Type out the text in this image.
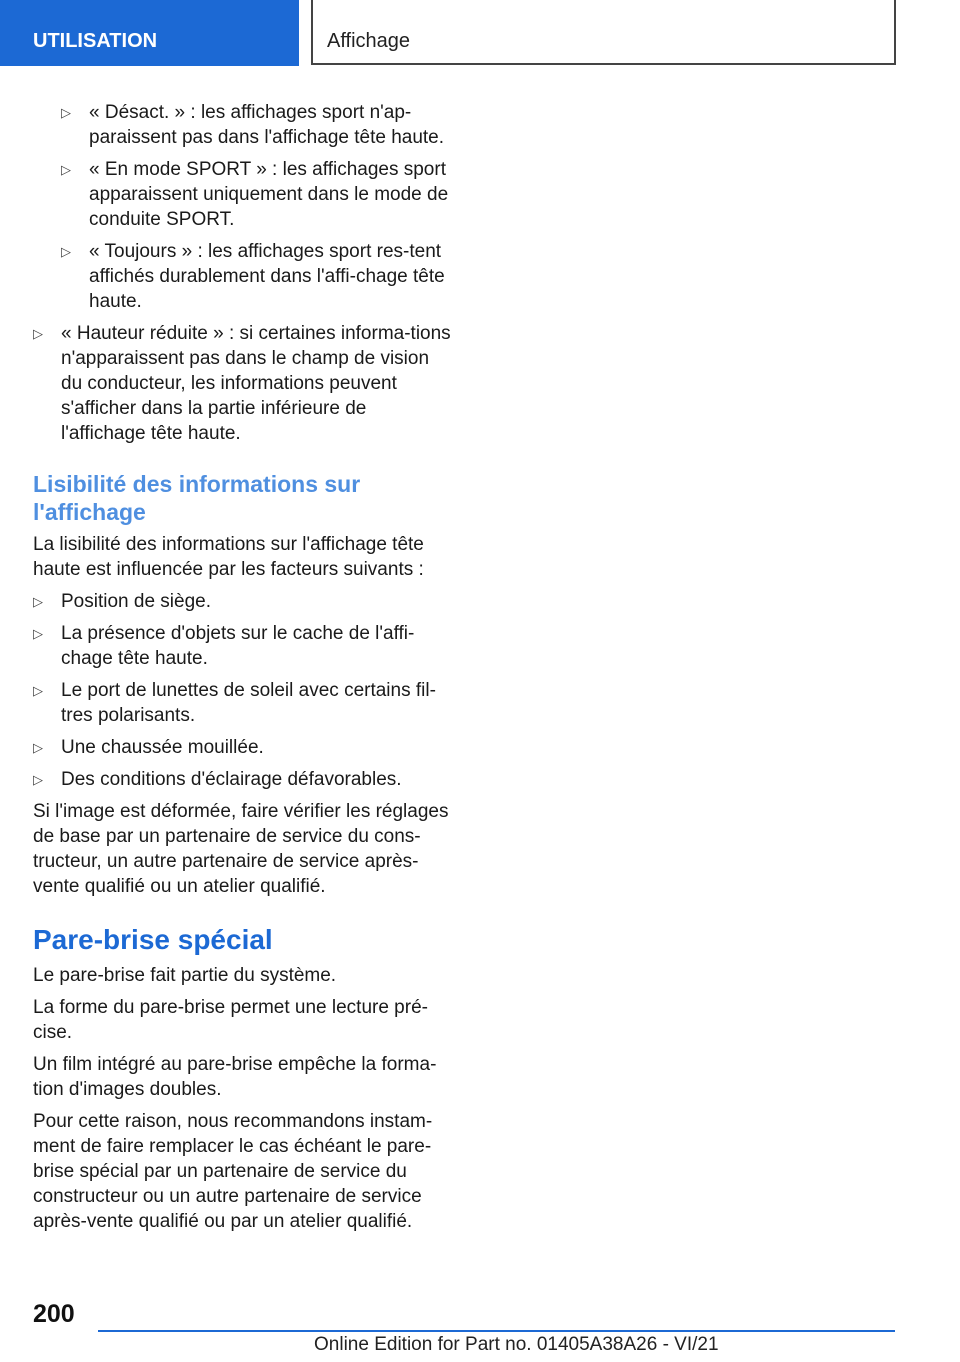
UTILISATION	Affichage
▷ « Désact. » : les affichages sport n'ap-paraissent pas dans l'affichage tête haute.
▷ « En mode SPORT » : les affichages sport apparaissent uniquement dans le mode de conduite SPORT.
▷ « Toujours » : les affichages sport res-tent affichés durablement dans l'affi-chage tête haute.
▷ « Hauteur réduite » : si certaines informa-tions n'apparaissent pas dans le champ de vision du conducteur, les informations peuvent s'afficher dans la partie inférieure de l'affichage tête haute.
Lisibilité des informations sur l'affichage

La lisibilité des informations sur l'affichage tête haute est influencée par les facteurs suivants :

▷ Position de siège.
▷ La présence d'objets sur le cache de l'affi-chage tête haute.
▷ Le port de lunettes de soleil avec certains fil-tres polarisants.
▷ Une chaussée mouillée.
▷ Des conditions d'éclairage défavorables.

Si l'image est déformée, faire vérifier les réglages de base par un partenaire de service du cons-tructeur, un autre partenaire de service après-vente qualifié ou un atelier qualifié.

Pare-brise spécial

Le pare-brise fait partie du système.

La forme du pare-brise permet une lecture pré-cise.

Un film intégré au pare-brise empêche la forma-tion d'images doubles.

Pour cette raison, nous recommandons instam-ment de faire remplacer le cas échéant le pare-brise spécial par un partenaire de service du constructeur ou un autre partenaire de service après-vente qualifié ou par un atelier qualifié.

200
Online Edition for Part no. 01405A38A26 - VI/21
